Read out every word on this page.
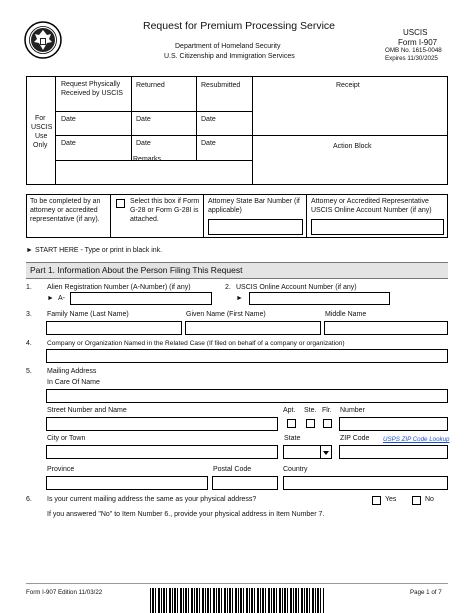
Request for Premium Processing Service
Department of Homeland Security
U.S. Citizenship and Immigration Services
USCIS
Form I-907
OMB No. 1615-0048
Expires 11/30/2025
For
USCIS
Use
Only
Request Physically Received by USCIS
Returned	Resubmitted	Receipt
Date	Date	Date
Date	Date	Date
Remarks
Action Block
To be completed by an attorney or accredited representative (if any).
Select this box if Form G-28 or Form G-28I is attached.
Attorney State Bar Number (if applicable)
Attorney or Accredited Representative USCIS Online Account Number (if any)
► START HERE - Type or print in black ink.
Part 1. Information About the Person Filing This Request
1. Alien Registration Number (A-Number) (if any)
► A-
2. USCIS Online Account Number (if any)
►
3. Family Name (Last Name)	Given Name (First Name)	Middle Name
4. Company or Organization Named in the Related Case (If filed on behalf of a company or organization)
5. Mailing Address
In Care Of Name
Street Number and Name	Apt. Ste. Flr. Number
City or Town	State	ZIP Code USPS ZIP Code Lookup
Province	Postal Code	Country
6. Is your current mailing address the same as your physical address?	Yes	No
If you answered "No" to Item Number 6., provide your physical address in Item Number 7.
Form I-907 Edition 11/03/22	Page 1 of 7
